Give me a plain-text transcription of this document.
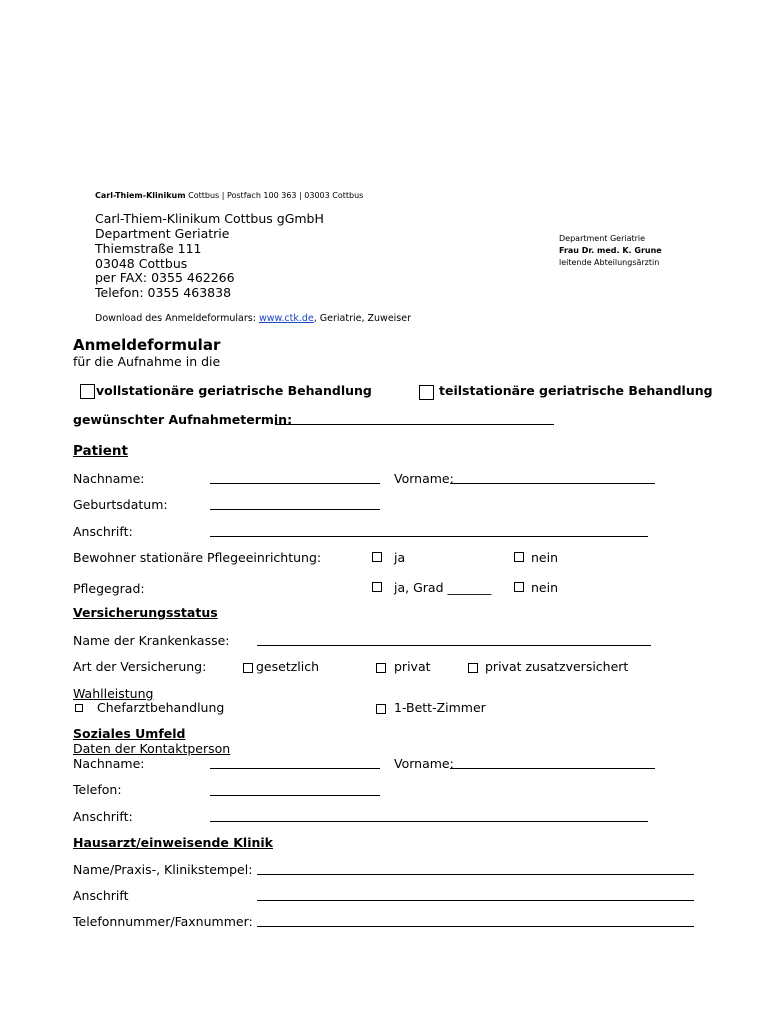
Carl-Thiem-Klinikum Cottbus | Postfach 100 363 | 03003 Cottbus
Carl-Thiem-Klinikum Cottbus gGmbH
Department Geriatrie
Thiemstraße 111
03048 Cottbus
per FAX: 0355 462266
Telefon: 0355 463838
Department Geriatrie
Frau Dr. med. K. Grune
leitende Abteilungsärztin
Download des Anmeldeformulars: www.ctk.de, Geriatrie, Zuweiser
Anmeldeformular
für die Aufnahme in die
vollstationäre geriatrische Behandlung	teilstationäre geriatrische Behandlung
gewünschter Aufnahmetermin:
Patient
Nachname:	Vorname:
Geburtsdatum:
Anschrift:
Bewohner stationäre Pflegeeinrichtung:	ja	nein
Pflegegrad:	ja, Grad _______	nein
Versicherungsstatus
Name der Krankenkasse:
Art der Versicherung:	gesetzlich	privat	privat zusatzversichert
Wahlleistung
Chefarztbehandlung	1-Bett-Zimmer
Soziales Umfeld
Daten der Kontaktperson
Nachname:	Vorname:
Telefon:
Anschrift:
Hausarzt/einweisende Klinik
Name/Praxis-, Klinikstempel:
Anschrift
Telefonnummer/Faxnummer:
